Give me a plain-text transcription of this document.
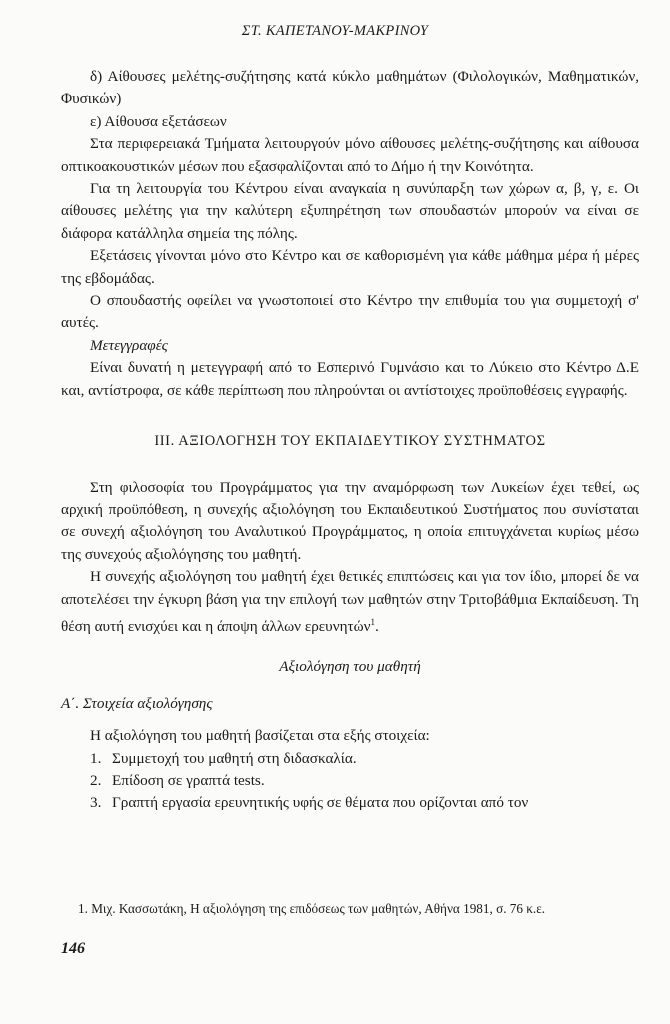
ΣΤ. ΚΑΠΕΤΑΝΟΥ-ΜΑΚΡΙΝΟΥ

δ) Αίθουσες μελέτης-συζήτησης κατά κύκλο μαθημάτων (Φιλολογικών, Μαθηματικών, Φυσικών)

ε) Αίθουσα εξετάσεων

Στα περιφερειακά Τμήματα λειτουργούν μόνο αίθουσες μελέτης-συζήτησης και αίθουσα οπτικοακουστικών μέσων που εξασφαλίζονται από το Δήμο ή την Κοινότητα.

Για τη λειτουργία του Κέντρου είναι αναγκαία η συνύπαρξη των χώρων α, β, γ, ε. Οι αίθουσες μελέτης για την καλύτερη εξυπηρέτηση των σπουδαστών μπορούν να είναι σε διάφορα κατάλληλα σημεία της πόλης.

Εξετάσεις γίνονται μόνο στο Κέντρο και σε καθορισμένη για κάθε μάθημα μέρα ή μέρες της εβδομάδας.

Ο σπουδαστής οφείλει να γνωστοποιεί στο Κέντρο την επιθυμία του για συμμετοχή σ' αυτές.

Μετεγγραφές

Είναι δυνατή η μετεγγραφή από το Εσπερινό Γυμνάσιο και το Λύκειο στο Κέντρο Δ.Ε και, αντίστροφα, σε κάθε περίπτωση που πληρούνται οι αντίστοιχες προϋποθέσεις εγγραφής.

ΙΙΙ. ΑΞΙΟΛΟΓΗΣΗ ΤΟΥ ΕΚΠΑΙΔΕΥΤΙΚΟΥ ΣΥΣΤΗΜΑΤΟΣ

Στη φιλοσοφία του Προγράμματος για την αναμόρφωση των Λυκείων έχει τεθεί, ως αρχική προϋπόθεση, η συνεχής αξιολόγηση του Εκπαιδευτικού Συστήματος που συνίσταται σε συνεχή αξιολόγηση του Αναλυτικού Προγράμματος, η οποία επιτυγχάνεται κυρίως μέσω της συνεχούς αξιολόγησης του μαθητή.

Η συνεχής αξιολόγηση του μαθητή έχει θετικές επιπτώσεις και για τον ίδιο, μπορεί δε να αποτελέσει την έγκυρη βάση για την επιλογή των μαθητών στην Τριτοβάθμια Εκπαίδευση. Τη θέση αυτή ενισχύει και η άποψη άλλων ερευνητών$^1$.

Αξιολόγηση του μαθητή
Α΄. Στοιχεία αξιολόγησης

Η αξιολόγηση του μαθητή βασίζεται στα εξής στοιχεία:

1. Συμμετοχή του μαθητή στη διδασκαλία.
2. Επίδοση σε γραπτά tests.
3. Γραπτή εργασία ερευνητικής υφής σε θέματα που ορίζονται από τον
1. Μιχ. Κασσωτάκη, Η αξιολόγηση της επιδόσεως των μαθητών, Αθήνα 1981, σ. 76 κ.ε.
146
